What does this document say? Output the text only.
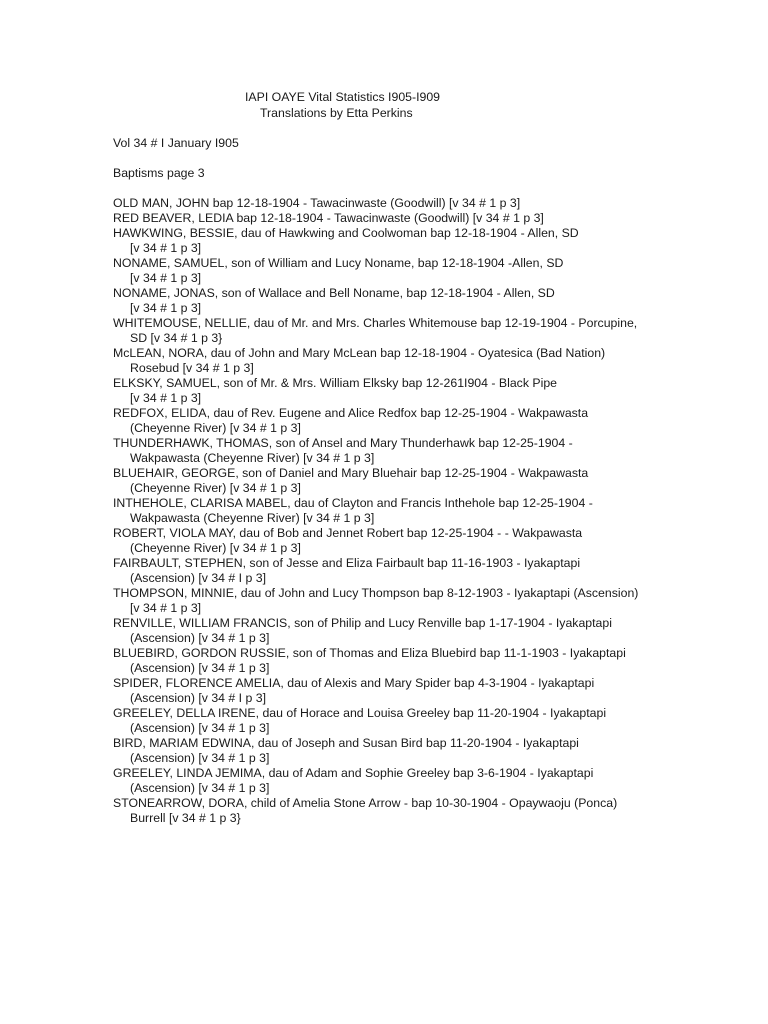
IAPI OAYE Vital Statistics I905-I909
Translations by Etta Perkins
Vol 34 # I January I905
Baptisms page 3
OLD MAN, JOHN bap 12-18-1904 - Tawacinwaste (Goodwill) [v 34 # 1 p 3]
RED BEAVER, LEDIA bap 12-18-1904 - Tawacinwaste (Goodwill) [v 34 # 1 p 3]
HAWKWING, BESSIE, dau of Hawkwing and Coolwoman bap 12-18-1904 - Allen, SD
[v 34 # 1 p 3]
NONAME, SAMUEL, son of William and Lucy Noname, bap 12-18-1904 -Allen, SD
[v 34 # 1 p 3]
NONAME, JONAS, son of Wallace and Bell Noname, bap 12-18-1904 - Allen, SD
[v 34 # 1 p 3]
WHITEMOUSE, NELLIE, dau of Mr. and Mrs. Charles Whitemouse bap 12-19-1904 - Porcupine,
SD [v 34 # 1 p 3}
McLEAN, NORA, dau of John and Mary McLean bap 12-18-1904 - Oyatesica (Bad Nation)
Rosebud [v 34 # 1 p 3]
ELKSKY, SAMUEL, son of Mr. & Mrs. William Elksky bap 12-261I904 - Black Pipe
[v 34 # 1 p 3]
REDFOX, ELIDA, dau of Rev. Eugene and Alice Redfox bap 12-25-1904 - Wakpawasta
(Cheyenne River) [v 34 # 1 p 3]
THUNDERHAWK, THOMAS, son of Ansel and Mary Thunderhawk bap 12-25-1904 -
Wakpawasta (Cheyenne River) [v 34 # 1 p 3]
BLUEHAIR, GEORGE, son of Daniel and Mary Bluehair bap 12-25-1904 - Wakpawasta
(Cheyenne River) [v 34 # 1 p 3]
INTHEHOLE, CLARISA MABEL, dau of Clayton and Francis Inthehole bap 12-25-1904 -
Wakpawasta (Cheyenne River) [v 34 # 1 p 3]
ROBERT, VIOLA MAY, dau of Bob and Jennet Robert bap 12-25-1904 - - Wakpawasta
(Cheyenne River) [v 34 # 1 p 3]
FAIRBAULT, STEPHEN, son of Jesse and Eliza Fairbault bap 11-16-1903 - Iyakaptapi
(Ascension) [v 34 # I p 3]
THOMPSON, MINNIE, dau of John and Lucy Thompson bap 8-12-1903 - Iyakaptapi (Ascension)
[v 34 # 1 p 3]
RENVILLE, WILLIAM FRANCIS, son of Philip and Lucy Renville bap 1-17-1904 - Iyakaptapi
(Ascension) [v 34 # 1 p 3]
BLUEBIRD, GORDON RUSSIE, son of Thomas and Eliza Bluebird bap 11-1-1903 - Iyakaptapi
(Ascension) [v 34 # 1 p 3]
SPIDER, FLORENCE AMELIA, dau of Alexis and Mary Spider bap 4-3-1904 - Iyakaptapi
(Ascension) [v 34 # I p 3]
GREELEY, DELLA IRENE, dau of Horace and Louisa Greeley bap 11-20-1904 - Iyakaptapi
(Ascension) [v 34 # 1 p 3]
BIRD, MARIAM EDWINA, dau of Joseph and Susan Bird bap 11-20-1904 - Iyakaptapi
(Ascension) [v 34 # 1 p 3]
GREELEY, LINDA JEMIMA, dau of Adam and Sophie Greeley bap 3-6-1904 - Iyakaptapi
(Ascension) [v 34 # 1 p 3]
STONEARROW, DORA, child of Amelia Stone Arrow - bap 10-30-1904 - Opaywaoju (Ponca)
Burrell [v 34 # 1 p 3}
